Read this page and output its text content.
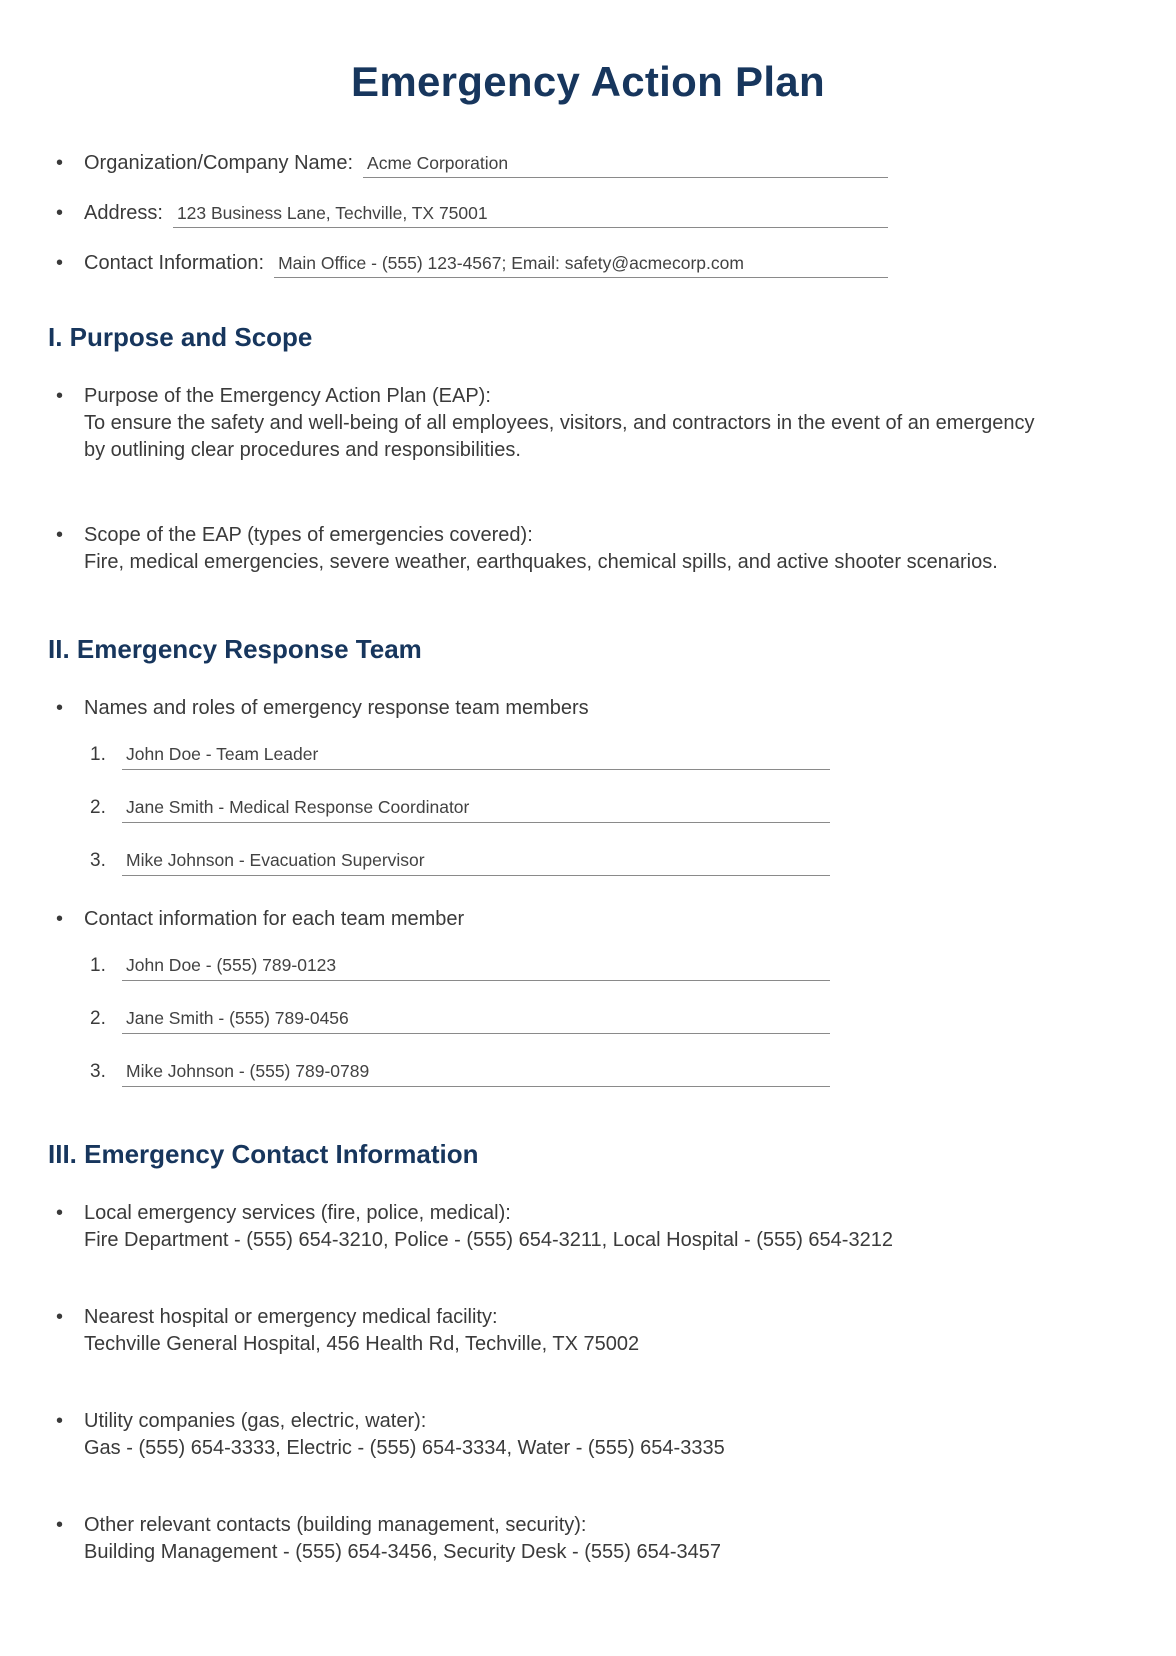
Emergency Action Plan
•
Organization/Company Name: Acme Corporation
•
Address: 123 Business Lane, Techville, TX 75001
•
Contact Information: Main Office - (555) 123-4567; Email: safety@acmecorp.com
I. Purpose and Scope
•
Purpose of the Emergency Action Plan (EAP):
To ensure the safety and well-being of all employees, visitors, and contractors in the event of an emergency by outlining clear procedures and responsibilities.
•
Scope of the EAP (types of emergencies covered):
Fire, medical emergencies, severe weather, earthquakes, chemical spills, and active shooter scenarios.
II. Emergency Response Team
•
Names and roles of emergency response team members
1.	John Doe - Team Leader
2.	Jane Smith - Medical Response Coordinator
3.	Mike Johnson - Evacuation Supervisor
•
Contact information for each team member
1.	John Doe - (555) 789-0123
2.	Jane Smith - (555) 789-0456
3.	Mike Johnson - (555) 789-0789
III. Emergency Contact Information
•
Local emergency services (fire, police, medical):
Fire Department - (555) 654-3210, Police - (555) 654-3211, Local Hospital - (555) 654-3212
•
Nearest hospital or emergency medical facility:
Techville General Hospital, 456 Health Rd, Techville, TX 75002
•
Utility companies (gas, electric, water):
Gas - (555) 654-3333, Electric - (555) 654-3334, Water - (555) 654-3335
•
Other relevant contacts (building management, security):
Building Management - (555) 654-3456, Security Desk - (555) 654-3457
